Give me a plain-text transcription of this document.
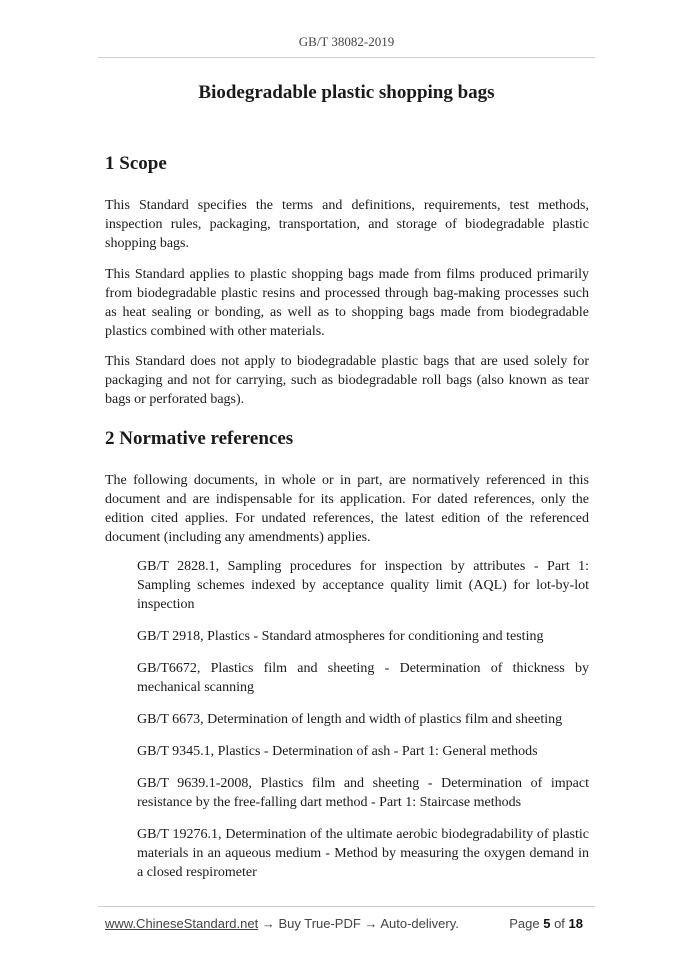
GB/T 38082-2019
Biodegradable plastic shopping bags
1 Scope

This Standard specifies the terms and definitions, requirements, test methods, inspection rules, packaging, transportation, and storage of biodegradable plastic shopping bags.

This Standard applies to plastic shopping bags made from films produced primarily from biodegradable plastic resins and processed through bag-making processes such as heat sealing or bonding, as well as to shopping bags made from biodegradable plastics combined with other materials.

This Standard does not apply to biodegradable plastic bags that are used solely for packaging and not for carrying, such as biodegradable roll bags (also known as tear bags or perforated bags).

2 Normative references

The following documents, in whole or in part, are normatively referenced in this document and are indispensable for its application. For dated references, only the edition cited applies. For undated references, the latest edition of the referenced document (including any amendments) applies.

GB/T 2828.1, Sampling procedures for inspection by attributes - Part 1: Sampling schemes indexed by acceptance quality limit (AQL) for lot-by-lot inspection

GB/T 2918, Plastics - Standard atmospheres for conditioning and testing

GB/T6672, Plastics film and sheeting - Determination of thickness by mechanical scanning

GB/T 6673, Determination of length and width of plastics film and sheeting

GB/T 9345.1, Plastics - Determination of ash - Part 1: General methods

GB/T 9639.1-2008, Plastics film and sheeting - Determination of impact resistance by the free-falling dart method - Part 1: Staircase methods

GB/T 19276.1, Determination of the ultimate aerobic biodegradability of plastic materials in an aqueous medium - Method by measuring the oxygen demand in a closed respirometer

www.ChineseStandard.net → Buy True-PDF → Auto-delivery.	Page 5 of 18
